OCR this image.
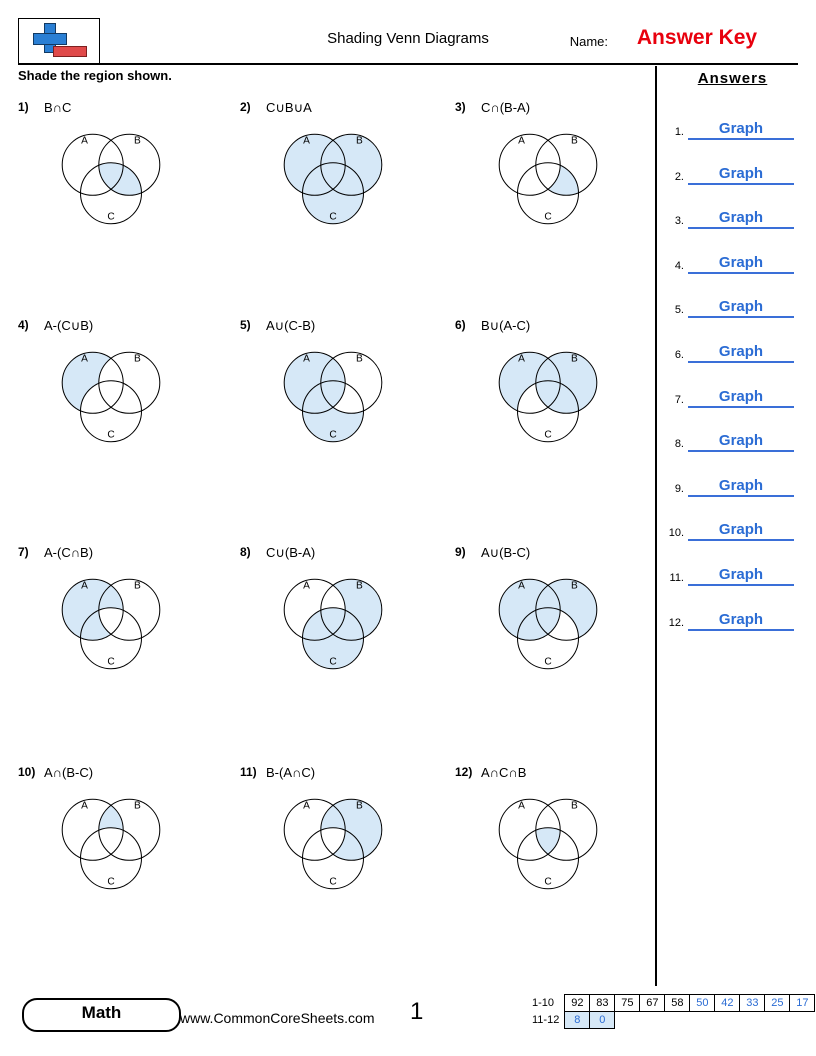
Shading Venn Diagrams	Name:	Answer Key
Shade the region shown.	Answers
1.	Graph
2.	Graph
3.	Graph
4.	Graph
5.	Graph
6.	Graph
7.	Graph
8.	Graph
9.	Graph
10.	Graph
11.	Graph
12.	Graph
1) B∩C
A	B
C
2) C∪B∪A
A	B
C
3) C∩(B-A)
A	B
C
4) A-(C∪B)
A	B
C
5) A∪(C-B)
A	B
C
6) B∪(A-C)
A	B
C
7) A-(C∩B)
A	B
C
8) C∪(B-A)
A	B
C
9) A∪(B-C)
A	B
C
10) A∩(B-C)
A	B
C
11) B-(A∩C)
A	B
C
12) A∩C∩B
A	B
C
Math	www.CommonCoreSheets.com 1	1-10	92	83	75	67	58	50	42	33	25	17
11-12	8	0								
